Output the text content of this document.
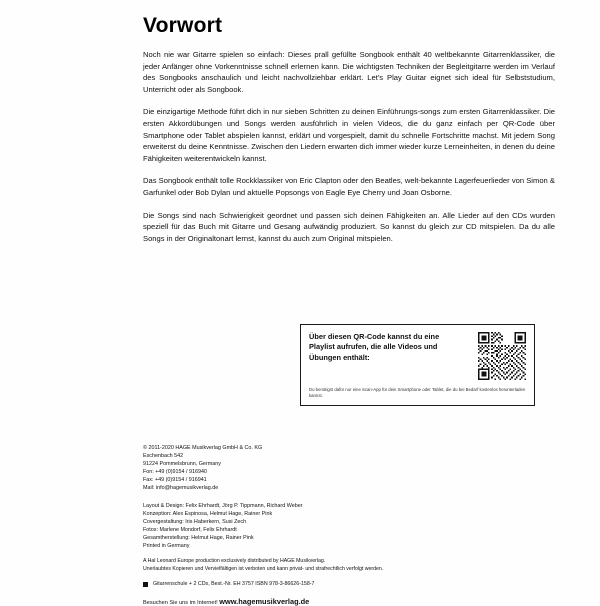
Vorwort

Noch nie war Gitarre spielen so einfach: Dieses prall gefüllte Songbook enthält 40 weltbekannte Gitarrenklassiker, die jeder Anfänger ohne Vorkenntnisse schnell erlernen kann. Die wichtigsten Techniken der Begleitgitarre werden im Verlauf des Songbooks anschaulich und leicht nachvollziehbar erklärt. Let's Play Guitar eignet sich ideal für Selbststudium, Unterricht oder als Songbook.

Die einzigartige Methode führt dich in nur sieben Schritten zu deinen Einführungs-songs zum ersten Gitarrenklassiker. Die ersten Akkordübungen und Songs werden ausführlich in vielen Videos, die du ganz einfach per QR-Code über Smartphone oder Tablet abspielen kannst, erklärt und vorgespielt, damit du schnelle Fortschritte machst. Mit jedem Song erweiterst du deine Kenntnisse. Zwischen den Liedern erwarten dich immer wieder kurze Lerneinheiten, in denen du deine Fähigkeiten weiterentwickeln kannst.

Das Songbook enthält tolle Rockklassiker von Eric Clapton oder den Beatles, welt-bekannte Lagerfeuerlieder von Simon & Garfunkel oder Bob Dylan und aktuelle Popsongs von Eagle Eye Cherry und Joan Osborne.

Die Songs sind nach Schwierigkeit geordnet und passen sich deinen Fähigkeiten an. Alle Lieder auf den CDs wurden speziell für das Buch mit Gitarre und Gesang aufwändig produziert. So kannst du gleich zur CD mitspielen. Da du alle Songs in der Originaltonart lernst, kannst du auch zum Original mitspielen.

Über diesen QR-Code kannst du eine Playlist aufrufen, die alle Videos und Übungen enthält:
Du benötigst dafür nur eine Scan-App für dein Smartphone oder Tablet, die du bei Bedarf kostenlos herunterladen kannst.
© 2011-2020 HAGE Musikverlag GmbH & Co. KG
Eschenbach 542
91224 Pommelsbrunn, Germany
Fon: +49 (0)9154 / 916940
Fax: +49 (0)9154 / 916941
Mail: info@hagemusikverlag.de
Layout & Design: Felix Ehrhardt, Jörg P. Tippmann, Richard Weber
Konzeption: Alex Espinosa, Helmut Hage, Rainer Pink
Covergestaltung: Iris Haberkern, Susi Zech
Fotos: Marlene Mondorf, Felix Ehrhardt
Gesamtherstellung: Helmut Hage, Rainer Pink
Printed in Germany
A Hal Leonard Europe production exclusively distributed by HAGE Musikverlag.
Unerlaubtes Kopieren und Vervielfältigen ist verboten und kann privat- und strafrechtlich verfolgt werden.
Gitarrenschule + 2 CDs, Best.-Nr. EH 3757 ISBN 978-3-86626-158-7
Besuchen Sie uns im Internet! www.hagemusikverlag.de
